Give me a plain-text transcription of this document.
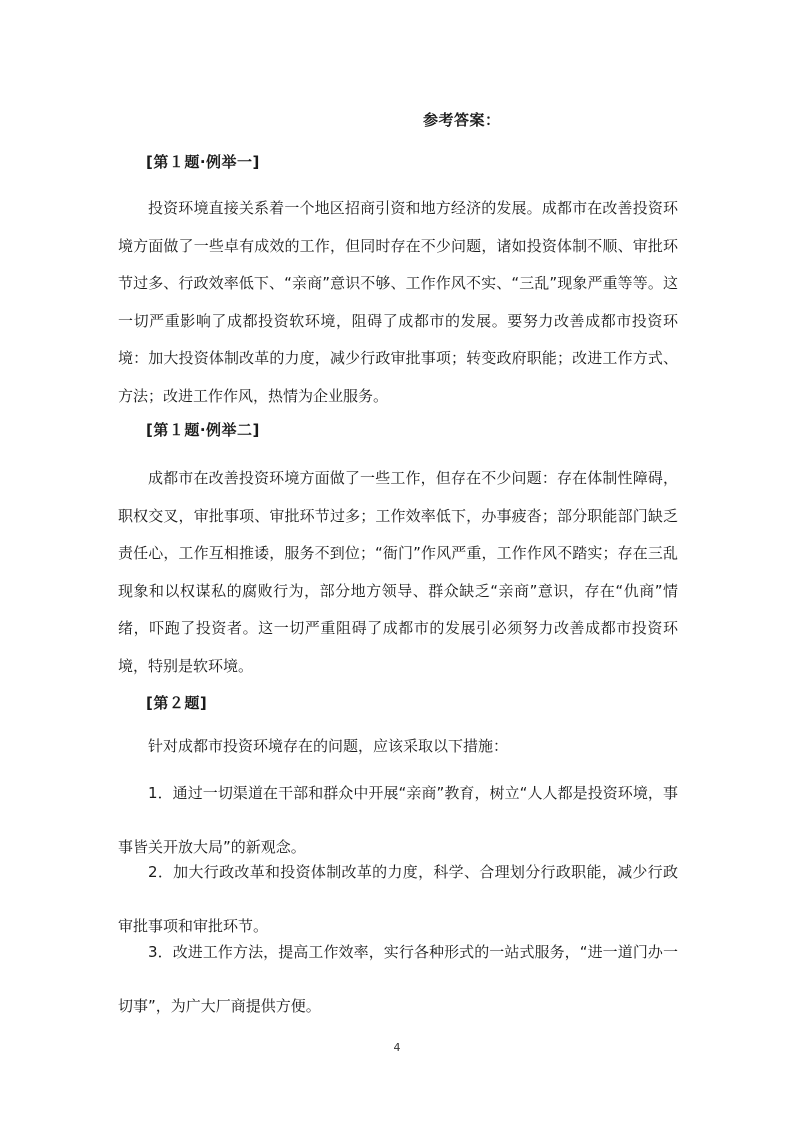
参考答案：
[第１题·例举一]
投资环境直接关系着一个地区招商引资和地方经济的发展。成都市在改善投资环境方面做了一些卓有成效的工作，但同时存在不少问题，诸如投资体制不顺、审批环节过多、行政效率低下、“亲商”意识不够、工作作风不实、“三乱”现象严重等等。这一切严重影响了成都投资软环境，阻碍了成都市的发展。要努力改善成都市投资环境：加大投资体制改革的力度，减少行政审批事项；转变政府职能；改进工作方式、方法；改进工作作风，热情为企业服务。
[第１题·例举二]
成都市在改善投资环境方面做了一些工作，但存在不少问题：存在体制性障碍，职权交叉，审批事项、审批环节过多；工作效率低下，办事疲沓；部分职能部门缺乏责任心，工作互相推诿，服务不到位；“衙门”作风严重，工作作风不踏实；存在三乱现象和以权谋私的腐败行为，部分地方领导、群众缺乏“亲商”意识，存在“仇商”情绪，吓跑了投资者。这一切严重阻碍了成都市的发展引必须努力改善成都市投资环境，特别是软环境。
[第２题]
针对成都市投资环境存在的问题，应该采取以下措施：
1．通过一切渠道在干部和群众中开展“亲商”教育，树立“人人都是投资环境，事事皆关开放大局”的新观念。
2．加大行政改革和投资体制改革的力度，科学、合理划分行政职能，减少行政审批事项和审批环节。
3．改进工作方法，提高工作效率，实行各种形式的一站式服务，“进一道门办一切事”，为广大厂商提供方便。
4
